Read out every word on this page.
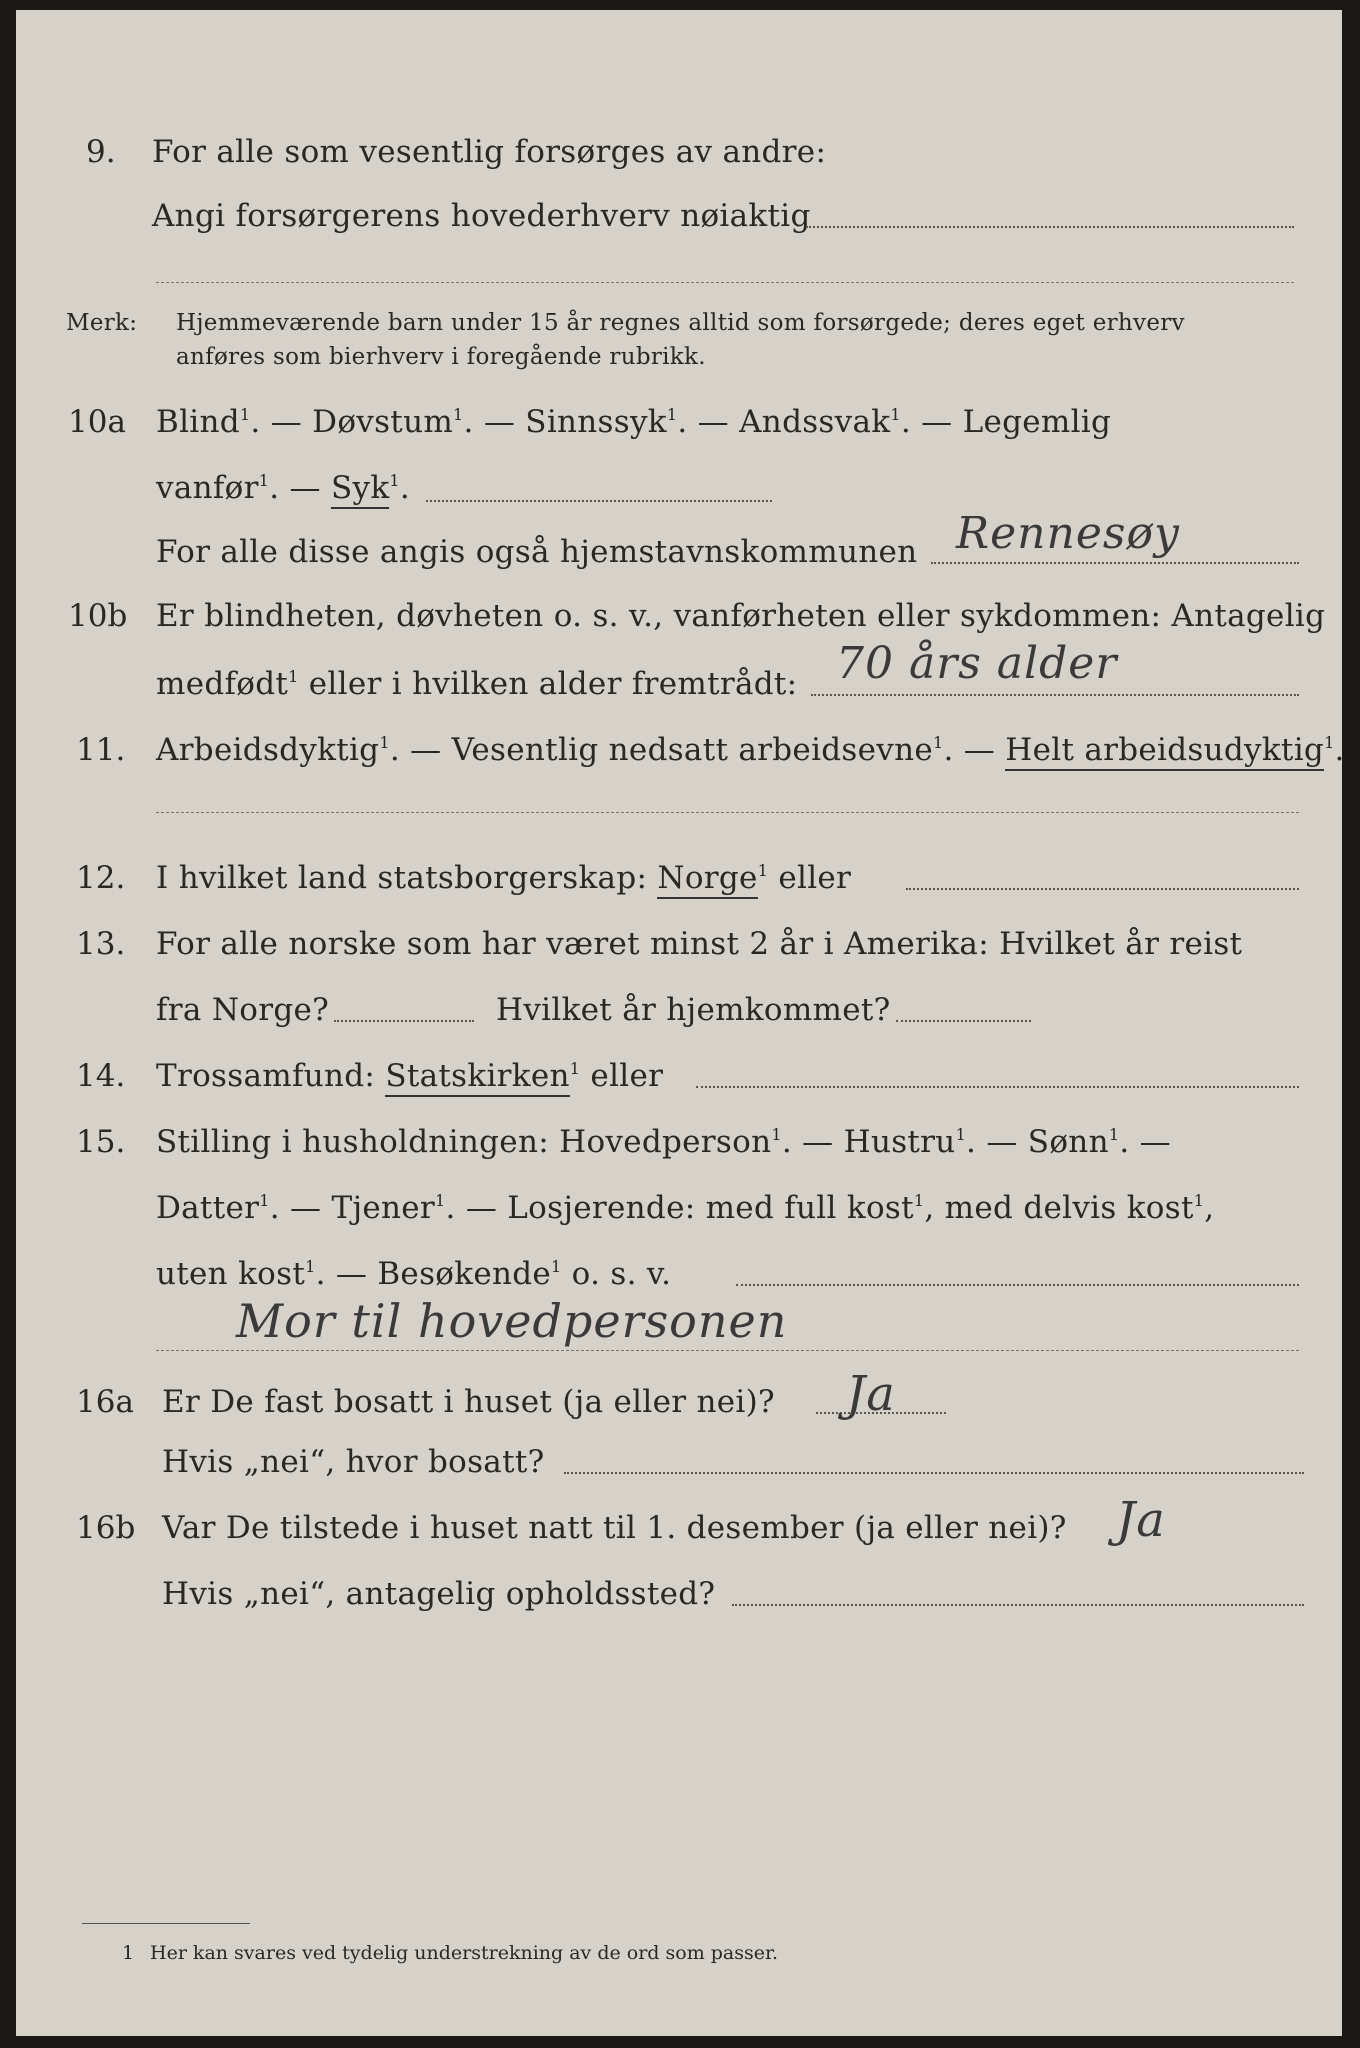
9. For alle som vesentlig forsørges av andre:
Angi forsørgerens hovederhverv nøiaktig
Merk: Hjemmeværende barn under 15 år regnes alltid som forsørgede; deres eget erhverv
anføres som bierhverv i foregående rubrikk.
10a Blind$^1$. — Døvstum$^1$. — Sinnssyk$^1$. — Andssvak$^1$. — Legemlig
vanfør$^1$. — Syk$^1$.
For alle disse angis også hjemstavnskommunen Rennesøy
10b Er blindheten, døvheten o. s. v., vanførheten eller sykdommen: Antagelig
medfødt$^1$ eller i hvilken alder fremtrådt: 70 års alder
11. Arbeidsdyktig$^1$. — Vesentlig nedsatt arbeidsevne$^1$. — Helt arbeidsudyktig$^1$.
12. I hvilket land statsborgerskap: Norge$^1$ eller
13. For alle norske som har været minst 2 år i Amerika: Hvilket år reist
fra Norge?	Hvilket år hjemkommet?
14. Trossamfund: Statskirken$^1$ eller
15. Stilling i husholdningen: Hovedperson$^1$. — Hustru$^1$. — Sønn$^1$. —
Datter$^1$. — Tjener$^1$. — Losjerende: med full kost$^1$, med delvis kost$^1$,
uten kost$^1$. — Besøkende$^1$ o. s. v.
Mor til hovedpersonen
16a Er De fast bosatt i huset (ja eller nei)? Ja
Hvis „nei“, hvor bosatt?
16b Var De tilstede i huset natt til 1. desember (ja eller nei)? Ja
Hvis „nei“, antagelig opholdssted?
1 Her kan svares ved tydelig understrekning av de ord som passer.
